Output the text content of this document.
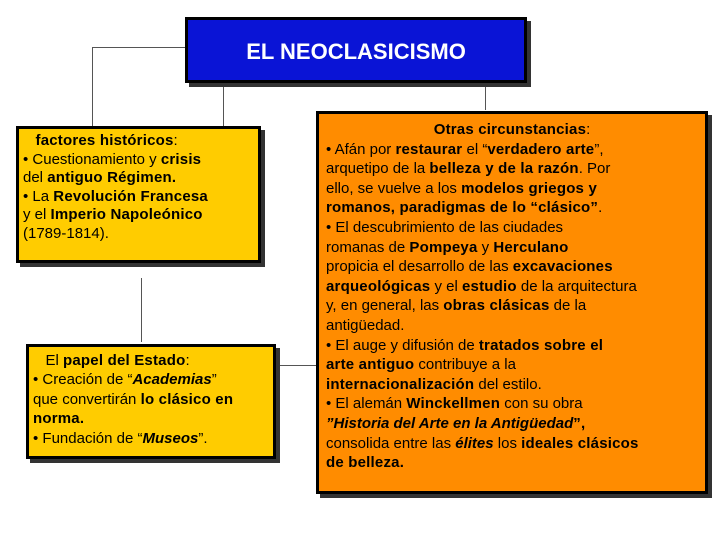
EL NEOCLASICISMO
factores históricos:
• Cuestionamiento y crisis
del antiguo Régimen.
• La Revolución Francesa
y el Imperio Napoleónico
(1789-1814).
El papel del Estado:
• Creación de “Academias”
que convertirán lo clásico en
norma.
• Fundación de “Museos”.
Otras circunstancias:
• Afán por restaurar el “verdadero arte”,
arquetipo de la belleza y de la razón. Por
ello, se vuelve a los modelos griegos y
romanos, paradigmas de lo “clásico”.
• El descubrimiento de las ciudades
romanas de Pompeya y Herculano
propicia el desarrollo de las excavaciones
arqueológicas y el estudio de la arquitectura
y, en general, las obras clásicas de la
antigüedad.
• El auge y difusión de tratados sobre el
arte antiguo contribuye a la
internacionalización del estilo.
• El alemán Winckellmen con su obra
”Historia del Arte en la Antigüedad”,
consolida entre las élites los ideales clásicos
de belleza.
